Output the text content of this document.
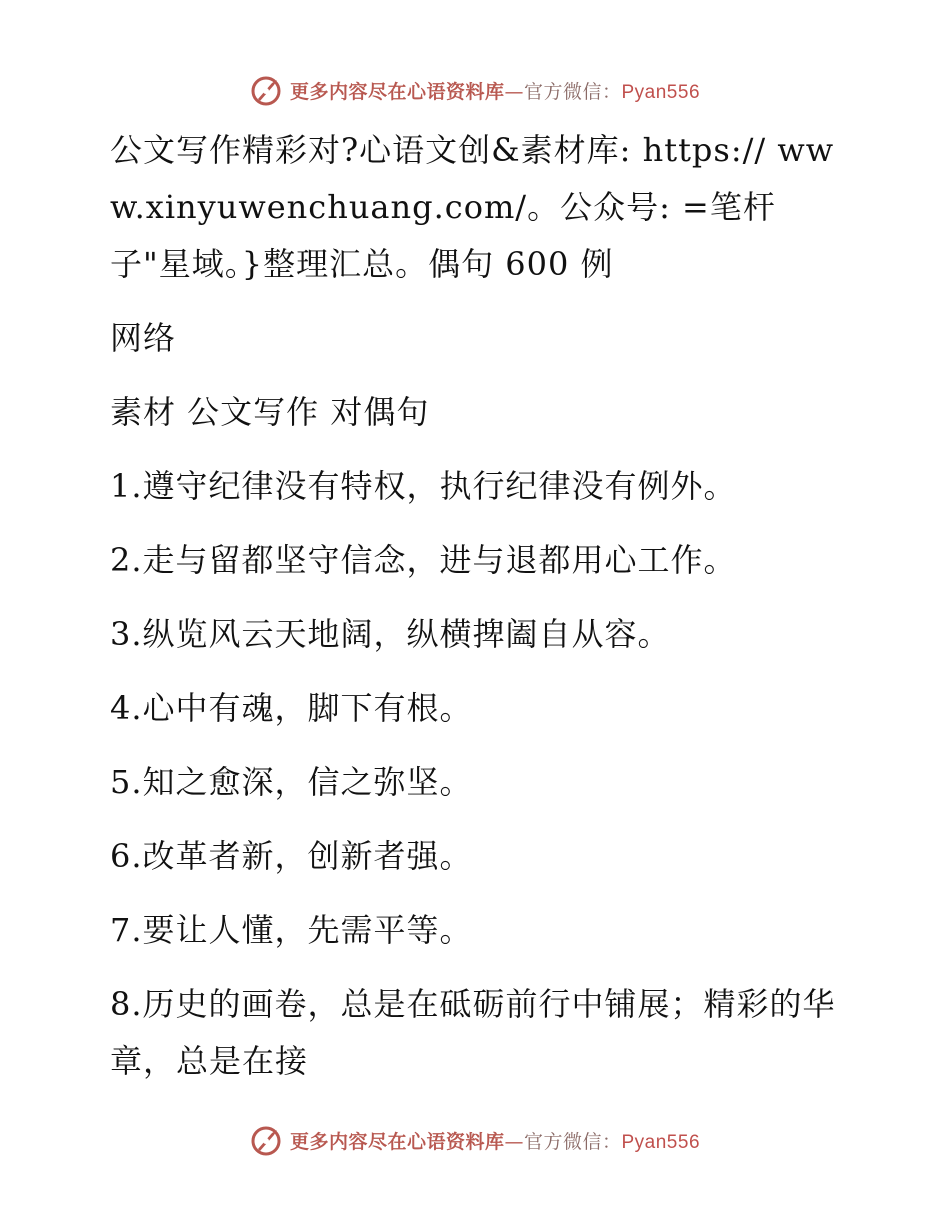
更多内容尽在心语资料库—官方微信：Pyan556

公文写作精彩对?心语文创&素材库: https:// www.xinyuwenchuang.com/。公众号: =笔杆子"星域。}整理汇总。偶句 600 例

网络

素材 公文写作 对偶句

1.遵守纪律没有特权，执行纪律没有例外。

2.走与留都坚守信念，进与退都用心工作。

3.纵览风云天地阔，纵横捭阖自从容。

4.心中有魂，脚下有根。

5.知之愈深，信之弥坚。

6.改革者新，创新者强。

7.要让人懂，先需平等。

8.历史的画卷，总是在砥砺前行中铺展；精彩的华章，总是在接

更多内容尽在心语资料库—官方微信：Pyan556
